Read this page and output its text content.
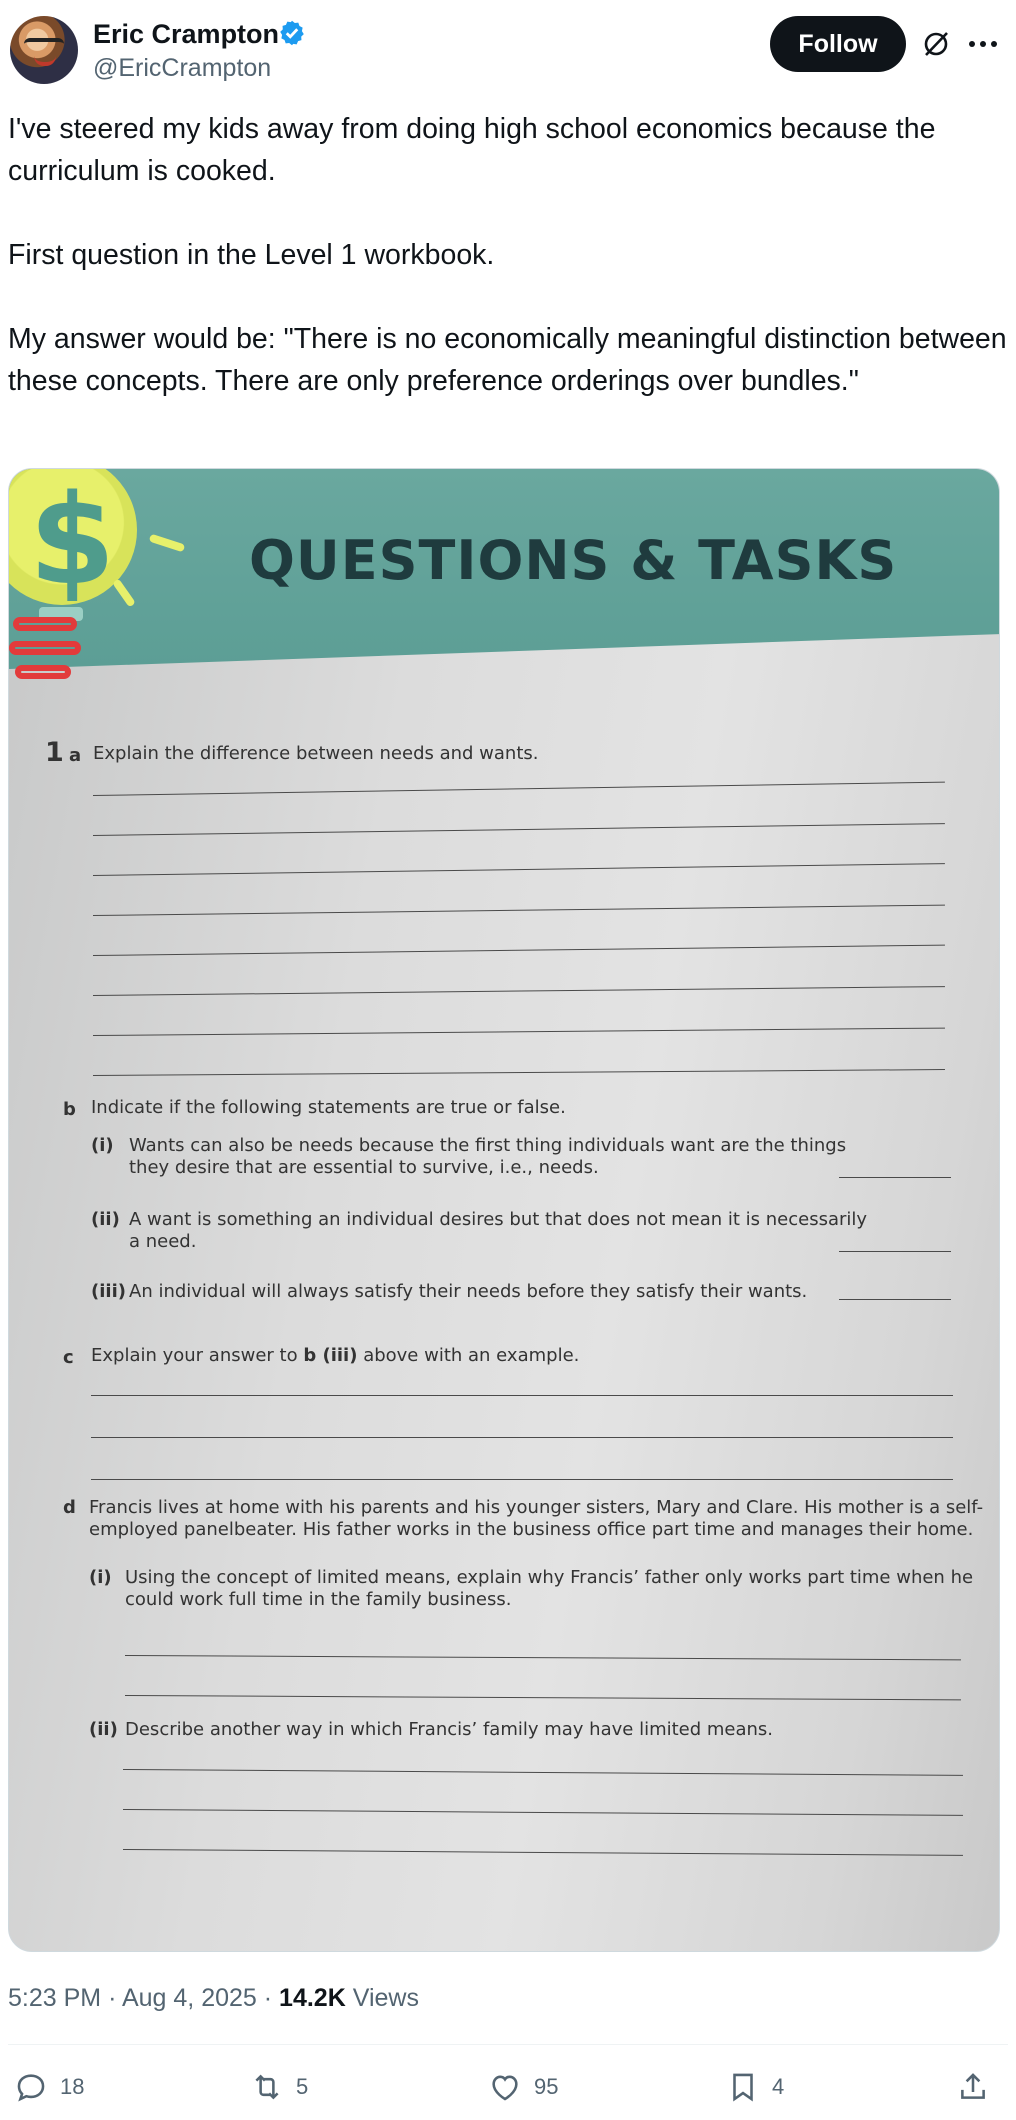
Eric Crampton
@EricCrampton
Follow

I've steered my kids away from doing high school economics because the curriculum is cooked.

First question in the Level 1 workbook.

My answer would be: "There is no economically meaningful distinction between these concepts. There are only preference orderings over bundles."

$ QUESTIONS & TASKS
1 a Explain the difference between needs and wants.
b Indicate if the following statements are true or false.
(i) Wants can also be needs because the first thing individuals want are the things
they desire that are essential to survive, i.e., needs.
(ii) A want is something an individual desires but that does not mean it is necessarily
a need.
(iii) An individual will always satisfy their needs before they satisfy their wants.
c Explain your answer to b (iii) above with an example.
d Francis lives at home with his parents and his younger sisters, Mary and Clare. His mother is a self-
employed panelbeater. His father works in the business office part time and manages their home.
(i) Using the concept of limited means, explain why Francis’ father only works part time when he
could work full time in the family business.
(ii) Describe another way in which Francis’ family may have limited means.
5:23 PM · Aug 4, 2025 · 14.2K Views
18	5	95	4
